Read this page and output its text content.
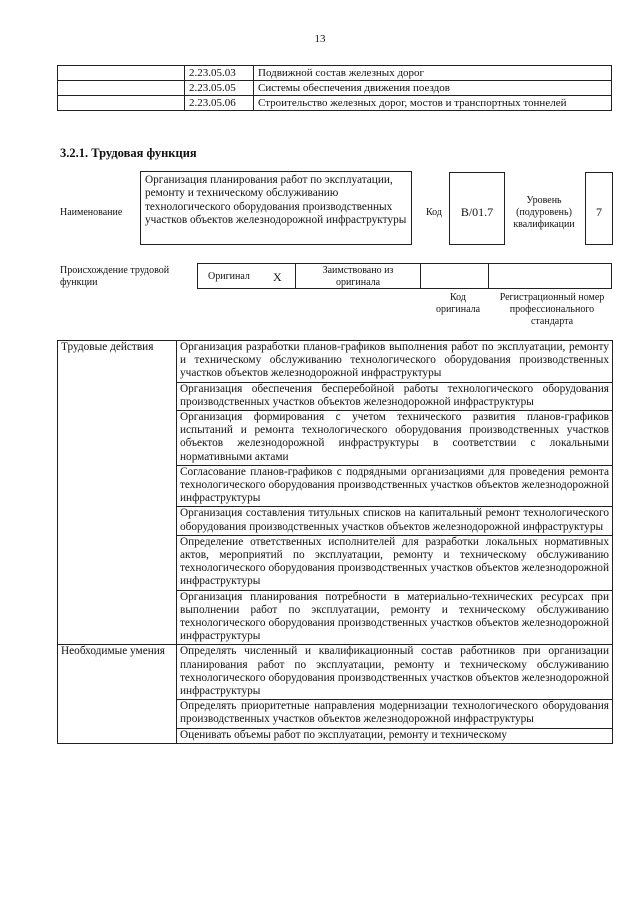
13
	2.23.05.03	Подвижной состав железных дорог
	2.23.05.05	Системы обеспечения движения поездов
	2.23.05.06	Строительство железных дорог, мостов и транспортных тоннелей
3.2.1. Трудовая функция
Наименование
Организация планирования работ по эксплуатации, ремонту и техническому обслуживанию технологического оборудования производственных участков объектов железнодорожной инфраструктуры
Код	B/01.7
Уровень (подуровень) квалификации
7
Происхождение трудовой функции
Оригинал X	Заимствовано из оригинала
Код оригинала
Регистрационный номер профессионального стандарта
Трудовые действия	Организация разработки планов-графиков выполнения работ по эксплуатации, ремонту и техническому обслуживанию технологического оборудования производственных участков объектов железнодорожной инфраструктуры
	Организация обеспечения бесперебойной работы технологического оборудования производственных участков объектов железнодорожной инфраструктуры
	Организация формирования с учетом технического развития планов-графиков испытаний и ремонта технологического оборудования производственных участков объектов железнодорожной инфраструктуры в соответствии с локальными нормативными актами
	Согласование планов-графиков с подрядными организациями для проведения ремонта технологического оборудования производственных участков объектов железнодорожной инфраструктуры
	Организация составления титульных списков на капитальный ремонт технологического оборудования производственных участков объектов железнодорожной инфраструктуры
	Определение ответственных исполнителей для разработки локальных нормативных актов, мероприятий по эксплуатации, ремонту и техническому обслуживанию технологического оборудования производственных участков объектов железнодорожной инфраструктуры
	Организация планирования потребности в материально-технических ресурсах при выполнении работ по эксплуатации, ремонту и техническому обслуживанию технологического оборудования производственных участков объектов железнодорожной инфраструктуры
Необходимые умения	Определять численный и квалификационный состав работников при организации планирования работ по эксплуатации, ремонту и техническому обслуживанию технологического оборудования производственных участков объектов железнодорожной инфраструктуры
	Определять приоритетные направления модернизации технологического оборудования производственных участков объектов железнодорожной инфраструктуры
	Оценивать объемы работ по эксплуатации, ремонту и техническому
